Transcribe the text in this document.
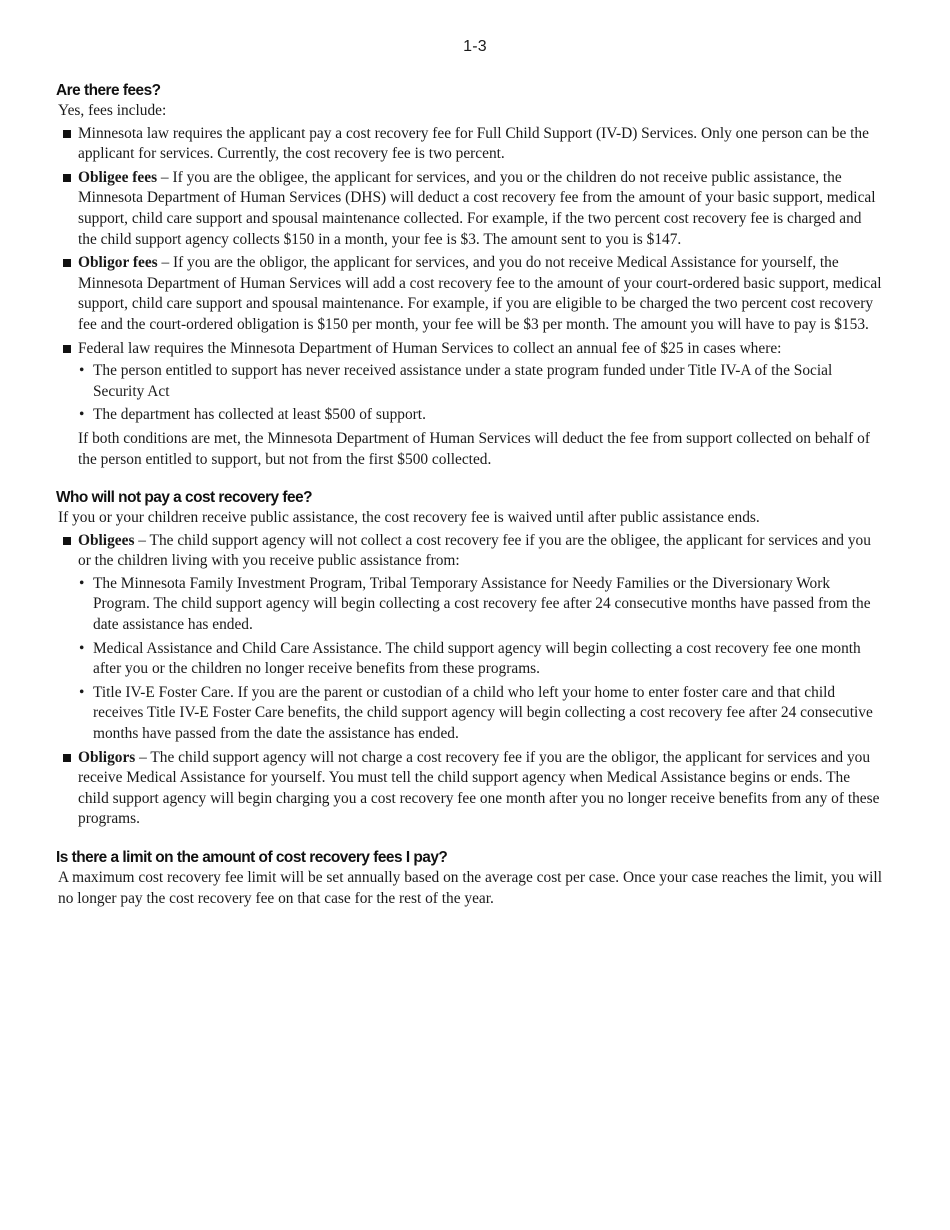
1-3
Are there fees?

Yes, fees include:

Minnesota law requires the applicant pay a cost recovery fee for Full Child Support (IV-D) Services. Only one person can be the applicant for services. Currently, the cost recovery fee is two percent.
Obligee fees – If you are the obligee, the applicant for services, and you or the children do not receive public assistance, the Minnesota Department of Human Services (DHS) will deduct a cost recovery fee from the amount of your basic support, medical support, child care support and spousal maintenance collected. For example, if the two percent cost recovery fee is charged and the child support agency collects $150 in a month, your fee is $3. The amount sent to you is $147.
Obligor fees – If you are the obligor, the applicant for services, and you do not receive Medical Assistance for yourself, the Minnesota Department of Human Services will add a cost recovery fee to the amount of your court-ordered basic support, medical support, child care support and spousal maintenance. For example, if you are eligible to be charged the two percent cost recovery fee and the court-ordered obligation is $150 per month, your fee will be $3 per month. The amount you will have to pay is $153.
Federal law requires the Minnesota Department of Human Services to collect an annual fee of $25 in cases where:
• The person entitled to support has never received assistance under a state program funded under Title IV-A of the Social Security Act
• The department has collected at least $500 of support.

If both conditions are met, the Minnesota Department of Human Services will deduct the fee from support collected on behalf of the person entitled to support, but not from the first $500 collected.

Who will not pay a cost recovery fee?

If you or your children receive public assistance, the cost recovery fee is waived until after public assistance ends.

Obligees – The child support agency will not collect a cost recovery fee if you are the obligee, the applicant for services and you or the children living with you receive public assistance from:
• The Minnesota Family Investment Program, Tribal Temporary Assistance for Needy Families or the Diversionary Work Program. The child support agency will begin collecting a cost recovery fee after 24 consecutive months have passed from the date assistance has ended.
• Medical Assistance and Child Care Assistance. The child support agency will begin collecting a cost recovery fee one month after you or the children no longer receive benefits from these programs.
• Title IV-E Foster Care. If you are the parent or custodian of a child who left your home to enter foster care and that child receives Title IV-E Foster Care benefits, the child support agency will begin collecting a cost recovery fee after 24 consecutive months have passed from the date the assistance has ended.
Obligors – The child support agency will not charge a cost recovery fee if you are the obligor, the applicant for services and you receive Medical Assistance for yourself. You must tell the child support agency when Medical Assistance begins or ends. The child support agency will begin charging you a cost recovery fee one month after you no longer receive benefits from any of these programs.
Is there a limit on the amount of cost recovery fees I pay?

A maximum cost recovery fee limit will be set annually based on the average cost per case. Once your case reaches the limit, you will no longer pay the cost recovery fee on that case for the rest of the year.
